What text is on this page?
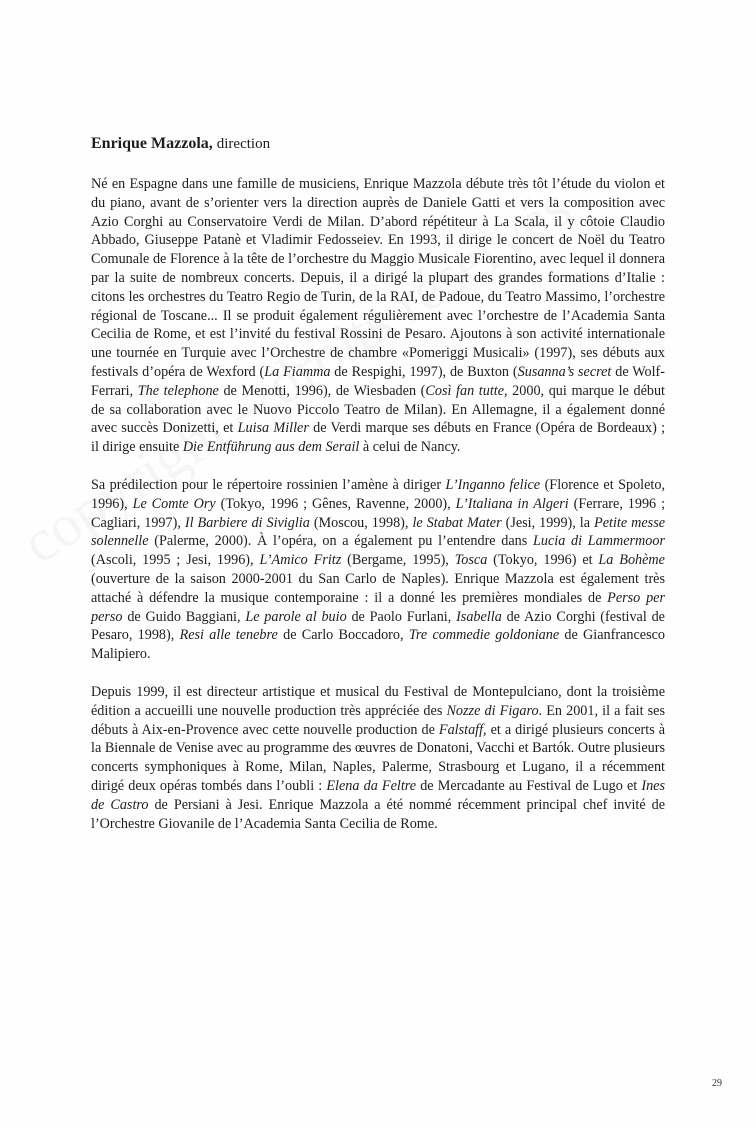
Enrique Mazzola, direction

Né en Espagne dans une famille de musiciens, Enrique Mazzola débute très tôt l’étude du violon et du piano, avant de s’orienter vers la direction auprès de Daniele Gatti et vers la composition avec Azio Corghi au Conservatoire Verdi de Milan. D’abord répétiteur à La Scala, il y côtoie Claudio Abbado, Giuseppe Patanè et Vladimir Fedosseiev. En 1993, il dirige le concert de Noël du Teatro Comunale de Florence à la tête de l’orchestre du Maggio Musicale Fiorentino, avec lequel il donnera par la suite de nombreux concerts. Depuis, il a dirigé la plupart des grandes formations d’Italie : citons les orchestres du Teatro Regio de Turin, de la RAI, de Padoue, du Teatro Massimo, l’orchestre régional de Toscane... Il se produit également régulièrement avec l’orchestre de l’Academia Santa Cecilia de Rome, et est l’invité du festival Rossini de Pesaro. Ajoutons à son activité internationale une tournée en Turquie avec l’Orchestre de chambre «Pomeriggi Musicali» (1997), ses débuts aux festivals d’opéra de Wexford (La Fiamma de Respighi, 1997), de Buxton (Susanna’s secret de Wolf-Ferrari, The telephone de Menotti, 1996), de Wiesbaden (Così fan tutte, 2000, qui marque le début de sa collaboration avec le Nuovo Piccolo Teatro de Milan). En Allemagne, il a également donné avec succès Donizetti, et Luisa Miller de Verdi marque ses débuts en France (Opéra de Bordeaux) ; il dirige ensuite Die Entführung aus dem Serail à celui de Nancy.

Sa prédilection pour le répertoire rossinien l’amène à diriger L’Inganno felice (Florence et Spoleto, 1996), Le Comte Ory (Tokyo, 1996 ; Gênes, Ravenne, 2000), L’Italiana in Algeri (Ferrare, 1996 ; Cagliari, 1997), Il Barbiere di Siviglia (Moscou, 1998), le Stabat Mater (Jesi, 1999), la Petite messe solennelle (Palerme, 2000). À l’opéra, on a également pu l’entendre dans Lucia di Lammermoor (Ascoli, 1995 ; Jesi, 1996), L’Amico Fritz (Bergame, 1995), Tosca (Tokyo, 1996) et La Bohème (ouverture de la saison 2000-2001 du San Carlo de Naples). Enrique Mazzola est également très attaché à défendre la musique contemporaine : il a donné les premières mondiales de Perso per perso de Guido Baggiani, Le parole al buio de Paolo Furlani, Isabella de Azio Corghi (festival de Pesaro, 1998), Resi alle tenebre de Carlo Boccadoro, Tre commedie goldoniane de Gianfrancesco Malipiero.

Depuis 1999, il est directeur artistique et musical du Festival de Montepulciano, dont la troisième édition a accueilli une nouvelle production très appréciée des Nozze di Figaro. En 2001, il a fait ses débuts à Aix-en-Provence avec cette nouvelle production de Falstaff, et a dirigé plusieurs concerts à la Biennale de Venise avec au programme des œuvres de Donatoni, Vacchi et Bartók. Outre plusieurs concerts symphoniques à Rome, Milan, Naples, Palerme, Strasbourg et Lugano, il a récemment dirigé deux opéras tombés dans l’oubli : Elena da Feltre de Mercadante au Festival de Lugo et Ines de Castro de Persiani à Jesi. Enrique Mazzola a été nommé récemment principal chef invité de l’Orchestre Giovanile de l’Academia Santa Cecilia de Rome.

29
